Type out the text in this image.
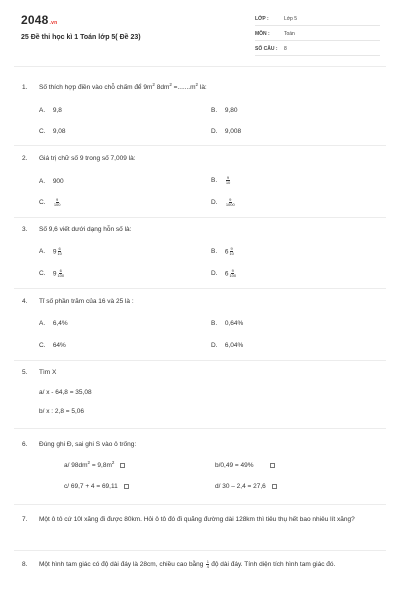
2048.vn
25 Đề thi học kì 1 Toán lớp 5( Đề 23)
LỚP :	Lớp 5
MÔN :	Toán
SỐ CÂU : 8
1. Số thích hợp điền vào chỗ chấm để $9m^2$ $8dm^2 =.......m^2$ là:
A. 9,8	B. 9,80
C. 9,08	D. 9,008
2. Giá trị chữ số 9 trong số 7,009 là:
A. 900	B. $\frac{9}{10}$
C. $\frac{9}{100}$	D. $\frac{9}{1000}$
3. Số 9,6 viết dưới dạng hỗn số là:
A. $9 \frac{6}{10}$	B. $6 \frac{9}{10}$
C. $9 \frac{6}{100}$	D. $6 \frac{9}{100}$
4. Tỉ số phần trăm của 16 và 25 là :
A. 6,4%	B. 0,64%
C. 64%	D. 6,04%
5. Tìm X
a/ x - 64,8 = 35,08
b/ x : 2,8 = 5,06
6. Đúng ghi Đ, sai ghi S vào ô trống:
a/ $98dm^2 = 9,8m^2$	b/0,49 = 49%
c/ 69,7 + 4 = 69,11	d/ 30 – 2,4 = 27,6
7. Một ô tô cứ 10l xăng đi được 80km. Hỏi ô tô đó đi quãng đường dài 128km thì tiêu thụ hết bao nhiêu lít xăng?
8. Một hình tam giác có độ dài đáy là 28cm, chiều cao bằng $\frac{1}{4}$ độ dài đáy. Tính diện tích hình tam giác đó.
